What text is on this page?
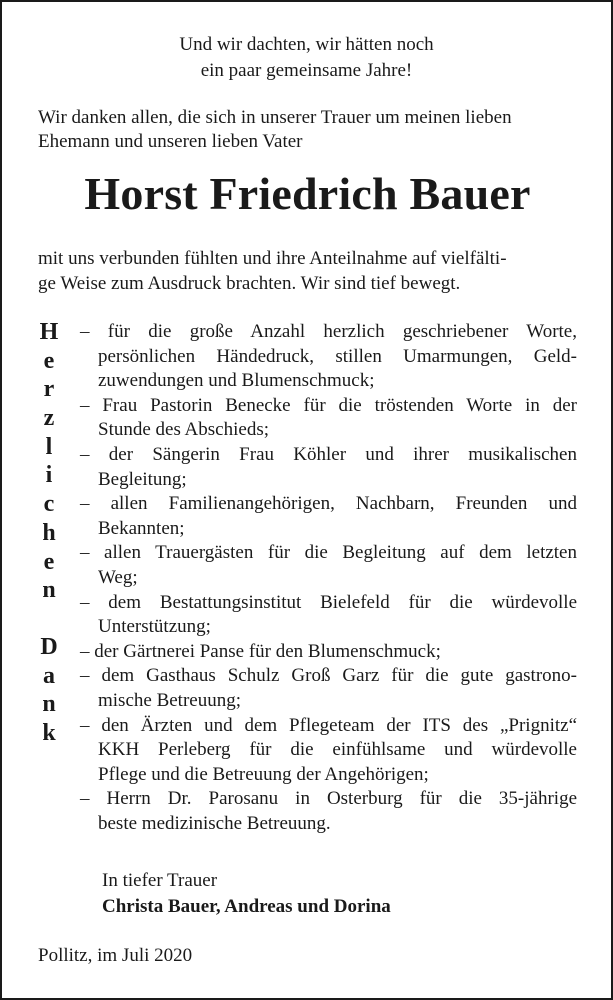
Und wir dachten, wir hätten noch
ein paar gemeinsame Jahre!
Wir danken allen, die sich in unserer Trauer um meinen lieben
Ehemann und unseren lieben Vater
Horst Friedrich Bauer
mit uns verbunden fühlten und ihre Anteilnahme auf vielfälti-
ge Weise zum Ausdruck brachten. Wir sind tief bewegt.
H
e
r
z
l
i
c
h
e
n
D
a
n
k
– für die große Anzahl herzlich geschriebener Worte,
persönlichen Händedruck, stillen Umarmungen, Geld-
zuwendungen und Blumenschmuck;
– Frau Pastorin Benecke für die tröstenden Worte in der
Stunde des Abschieds;
– der Sängerin Frau Köhler und ihrer musikalischen
Begleitung;
– allen Familienangehörigen, Nachbarn, Freunden und
Bekannten;
– allen Trauergästen für die Begleitung auf dem letzten
Weg;
– dem Bestattungsinstitut Bielefeld für die würdevolle
Unterstützung;
– der Gärtnerei Panse für den Blumenschmuck;
– dem Gasthaus Schulz Groß Garz für die gute gastrono-
mische Betreuung;
– den Ärzten und dem Pflegeteam der ITS des „Prignitz“
KKH Perleberg für die einfühlsame und würdevolle
Pflege und die Betreuung der Angehörigen;
– Herrn Dr. Parosanu in Osterburg für die 35-jährige
beste medizinische Betreuung.
In tiefer Trauer
Christa Bauer, Andreas und Dorina
Pollitz, im Juli 2020
